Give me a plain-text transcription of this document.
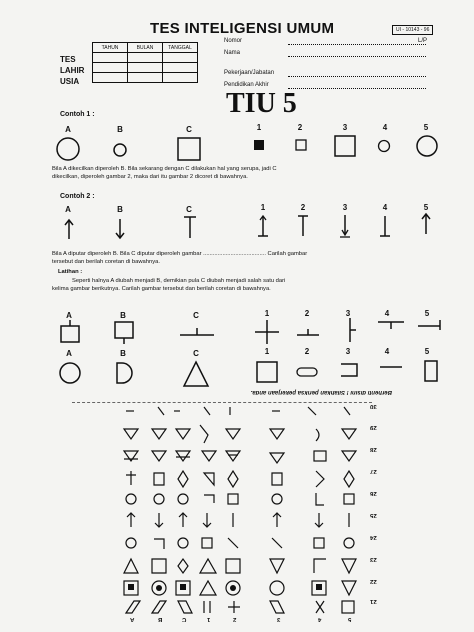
TES INTELIGENSI UMUM	UI - 10143 - 96
L/P
TAHUN	BULAN	TANGGAL

TES
LAHIR
USIA
Nomor
Nama
Pekerjaan/Jabatan
Pendidikan Akhir
TIU 5
Contoh 1 :
A	B	C	1	2	3	4	5
Bila A dikecilkan diperoleh B. Bila sekarang dengan C dilakukan hal yang serupa, jadi C
dikecilkan, diperoleh gambar 2, maka dari itu gambar 2 dicoret di bawahnya.
Contoh 2 :
A	B	C	1	2	3	4	5
Bila A diputar diperoleh B. Bila C diputar diperoleh gambar ....................................... Carilah gambar
tersebut dan berilah coretan di bawahnya.
Latihan :
Seperti halnya A diubah menjadi B, demikian pula C diubah menjadi salah satu dari
kelima gambar berikutnya. Carilah gambar tersebut dan berilah coretan di bawahnya.
A	B	C	1	2	3	4	5
A	B	C	1	2	3	4	5
Berhenti disini ! Silahkan periksa pekerjaan anda.
30
29
28
27
26
25
24
23
22
21
A	B	C	1	2	3	4	5
